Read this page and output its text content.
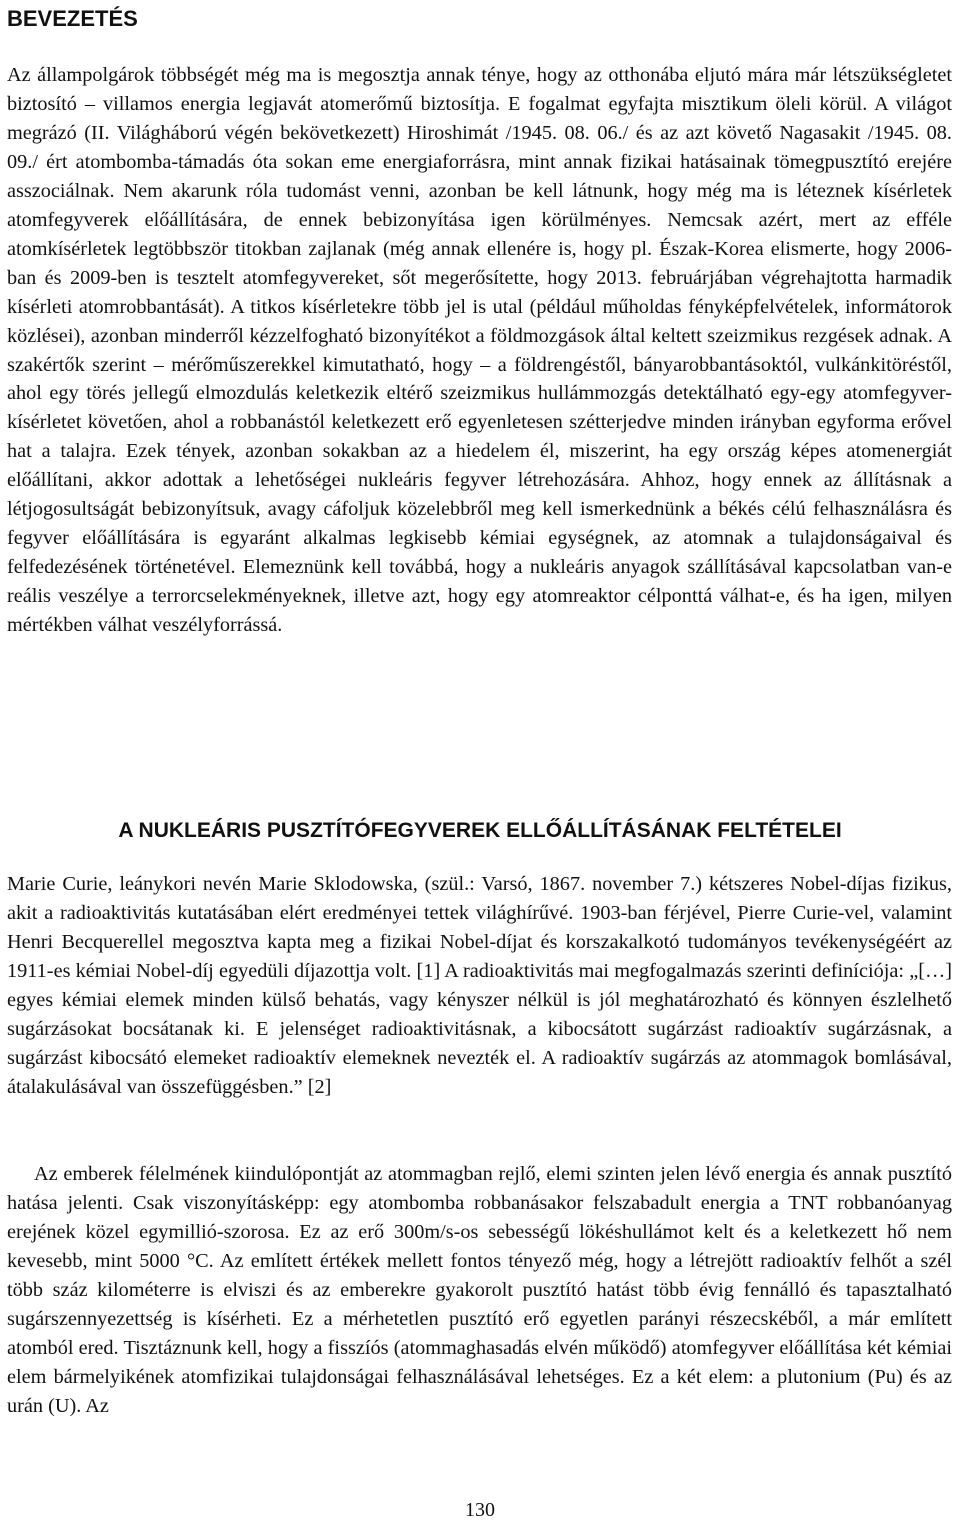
BEVEZETÉS

Az állampolgárok többségét még ma is megosztja annak ténye, hogy az otthonába eljutó mára már létszükségletet biztosító – villamos energia legjavát atomerőmű biztosítja. E fogalmat egyfajta misztikum öleli körül. A világot megrázó (II. Világháború végén bekövetkezett) Hiroshimát /1945. 08. 06./ és az azt követő Nagasakit /1945. 08. 09./ ért atombomba-támadás óta sokan eme energiaforrásra, mint annak fizikai hatásainak tömegpusztító erejére asszociálnak. Nem akarunk róla tudomást venni, azonban be kell látnunk, hogy még ma is léteznek kísérletek atomfegyverek előállítására, de ennek bebizonyítása igen körülményes. Nemcsak azért, mert az efféle atomkísérletek legtöbbször titokban zajlanak (még annak ellenére is, hogy pl. Észak-Korea elismerte, hogy 2006-ban és 2009-ben is tesztelt atomfegyvereket, sőt megerősítette, hogy 2013. februárjában végrehajtotta harmadik kísérleti atomrobbantását). A titkos kísérletekre több jel is utal (például műholdas fényképfelvételek, informátorok közlései), azonban minderről kézzelfogható bizonyítékot a földmozgások által keltett szeizmikus rezgések adnak. A szakértők szerint – mérőműszerekkel kimutatható, hogy – a földrengéstől, bányarobbantásoktól, vulkánkitöréstől, ahol egy törés jellegű elmozdulás keletkezik eltérő szeizmikus hullámmozgás detektálható egy-egy atomfegyver-kísérletet követően, ahol a robbanástól keletkezett erő egyenletesen szétterjedve minden irányban egyforma erővel hat a talajra. Ezek tények, azonban sokakban az a hiedelem él, miszerint, ha egy ország képes atomenergiát előállítani, akkor adottak a lehetőségei nukleáris fegyver létrehozására. Ahhoz, hogy ennek az állításnak a létjogosultságát bebizonyítsuk, avagy cáfoljuk közelebbről meg kell ismerkednünk a békés célú felhasználásra és fegyver előállítására is egyaránt alkalmas legkisebb kémiai egységnek, az atomnak a tulajdonságaival és felfedezésének történetével. Elemeznünk kell továbbá, hogy a nukleáris anyagok szállításával kapcsolatban van-e reális veszélye a terrorcselekményeknek, illetve azt, hogy egy atomreaktor célponttá válhat-e, és ha igen, milyen mértékben válhat veszélyforrássá.

A NUKLEÁRIS PUSZTÍTÓFEGYVEREK ELLŐÁLLÍTÁSÁNAK FELTÉTELEI

Marie Curie, leánykori nevén Marie Sklodowska, (szül.: Varsó, 1867. november 7.) kétszeres Nobel-díjas fizikus, akit a radioaktivitás kutatásában elért eredményei tettek világhírűvé. 1903-ban férjével, Pierre Curie-vel, valamint Henri Becquerellel megosztva kapta meg a fizikai Nobel-díjat és korszakalkotó tudományos tevékenységéért az 1911-es kémiai Nobel-díj egyedüli díjazottja volt. [1] A radioaktivitás mai megfogalmazás szerinti definíciója: „[…] egyes kémiai elemek minden külső behatás, vagy kényszer nélkül is jól meghatározható és könnyen észlelhető sugárzásokat bocsátanak ki. E jelenséget radioaktivitásnak, a kibocsátott sugárzást radioaktív sugárzásnak, a sugárzást kibocsátó elemeket radioaktív elemeknek nevezték el. A radioaktív sugárzás az atommagok bomlásával, átalakulásával van összefüggésben.” [2]

Az emberek félelmének kiindulópontját az atommagban rejlő, elemi szinten jelen lévő energia és annak pusztító hatása jelenti. Csak viszonyításképp: egy atombomba robbanásakor felszabadult energia a TNT robbanóanyag erejének közel egymillió-szorosa. Ez az erő 300m/s-os sebességű lökéshullámot kelt és a keletkezett hő nem kevesebb, mint 5000 °C. Az említett értékek mellett fontos tényező még, hogy a létrejött radioaktív felhőt a szél több száz kilométerre is elviszi és az emberekre gyakorolt pusztító hatást több évig fennálló és tapasztalható sugárszennyezettség is kísérheti. Ez a mérhetetlen pusztító erő egyetlen parányi részecskéből, a már említett atomból ered. Tisztáznunk kell, hogy a fisszíós (atommaghasadás elvén működő) atomfegyver előállítása két kémiai elem bármelyikének atomfizikai tulajdonságai felhasználásával lehetséges. Ez a két elem: a plutonium (Pu) és az urán (U). Az

130
